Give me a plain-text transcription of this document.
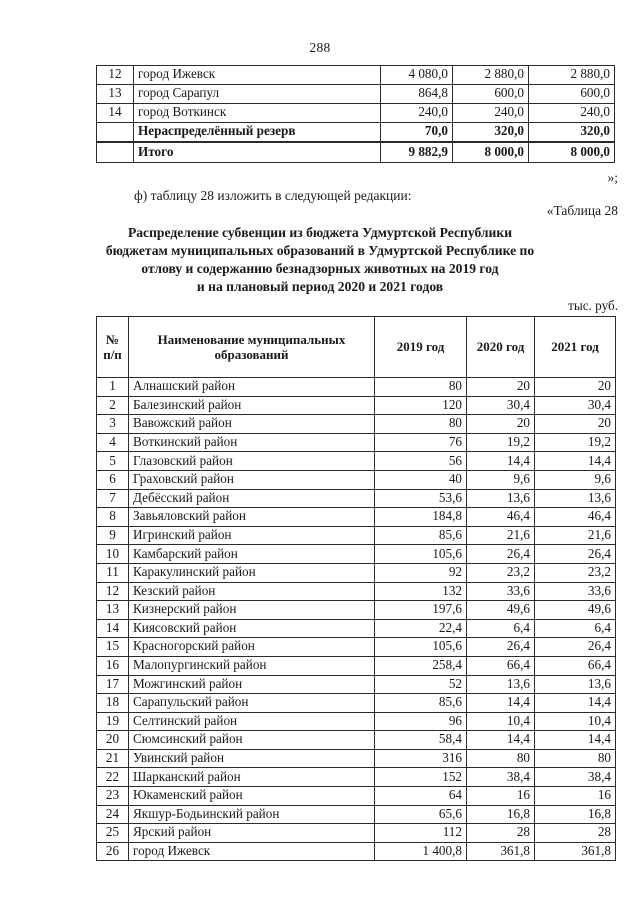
288
12	город Ижевск	4 080,0	2 880,0	2 880,0
13	город Сарапул	864,8	600,0	600,0
14	город Воткинск	240,0	240,0	240,0
	Нераспределённый резерв	70,0	320,0	320,0
	Итого	9 882,9	8 000,0	8 000,0
»;
ф) таблицу 28 изложить в следующей редакции:
«Таблица 28
Распределение субвенции из бюджета Удмуртской Республики
бюджетам муниципальных образований в Удмуртской Республике по
отлову и содержанию безнадзорных животных на 2019 год
и на плановый период 2020 и 2021 годов
тыс. руб.
№
п/п	Наименование муниципальных образований	2019 год	2020 год	2021 год
1	Алнашский район	80	20	20
2	Балезинский район	120	30,4	30,4
3	Вавожский район	80	20	20
4	Воткинский район	76	19,2	19,2
5	Глазовский район	56	14,4	14,4
6	Граховский район	40	9,6	9,6
7	Дебёсский район	53,6	13,6	13,6
8	Завьяловский район	184,8	46,4	46,4
9	Игринский район	85,6	21,6	21,6
10	Камбарский район	105,6	26,4	26,4
11	Каракулинский район	92	23,2	23,2
12	Кезский район	132	33,6	33,6
13	Кизнерский район	197,6	49,6	49,6
14	Киясовский район	22,4	6,4	6,4
15	Красногорский район	105,6	26,4	26,4
16	Малопургинский район	258,4	66,4	66,4
17	Можгинский район	52	13,6	13,6
18	Сарапульский район	85,6	14,4	14,4
19	Селтинский район	96	10,4	10,4
20	Сюмсинский район	58,4	14,4	14,4
21	Увинский район	316	80	80
22	Шарканский район	152	38,4	38,4
23	Юкаменский район	64	16	16
24	Якшур-Бодьинский район	65,6	16,8	16,8
25	Ярский район	112	28	28
26	город Ижевск	1 400,8	361,8	361,8
